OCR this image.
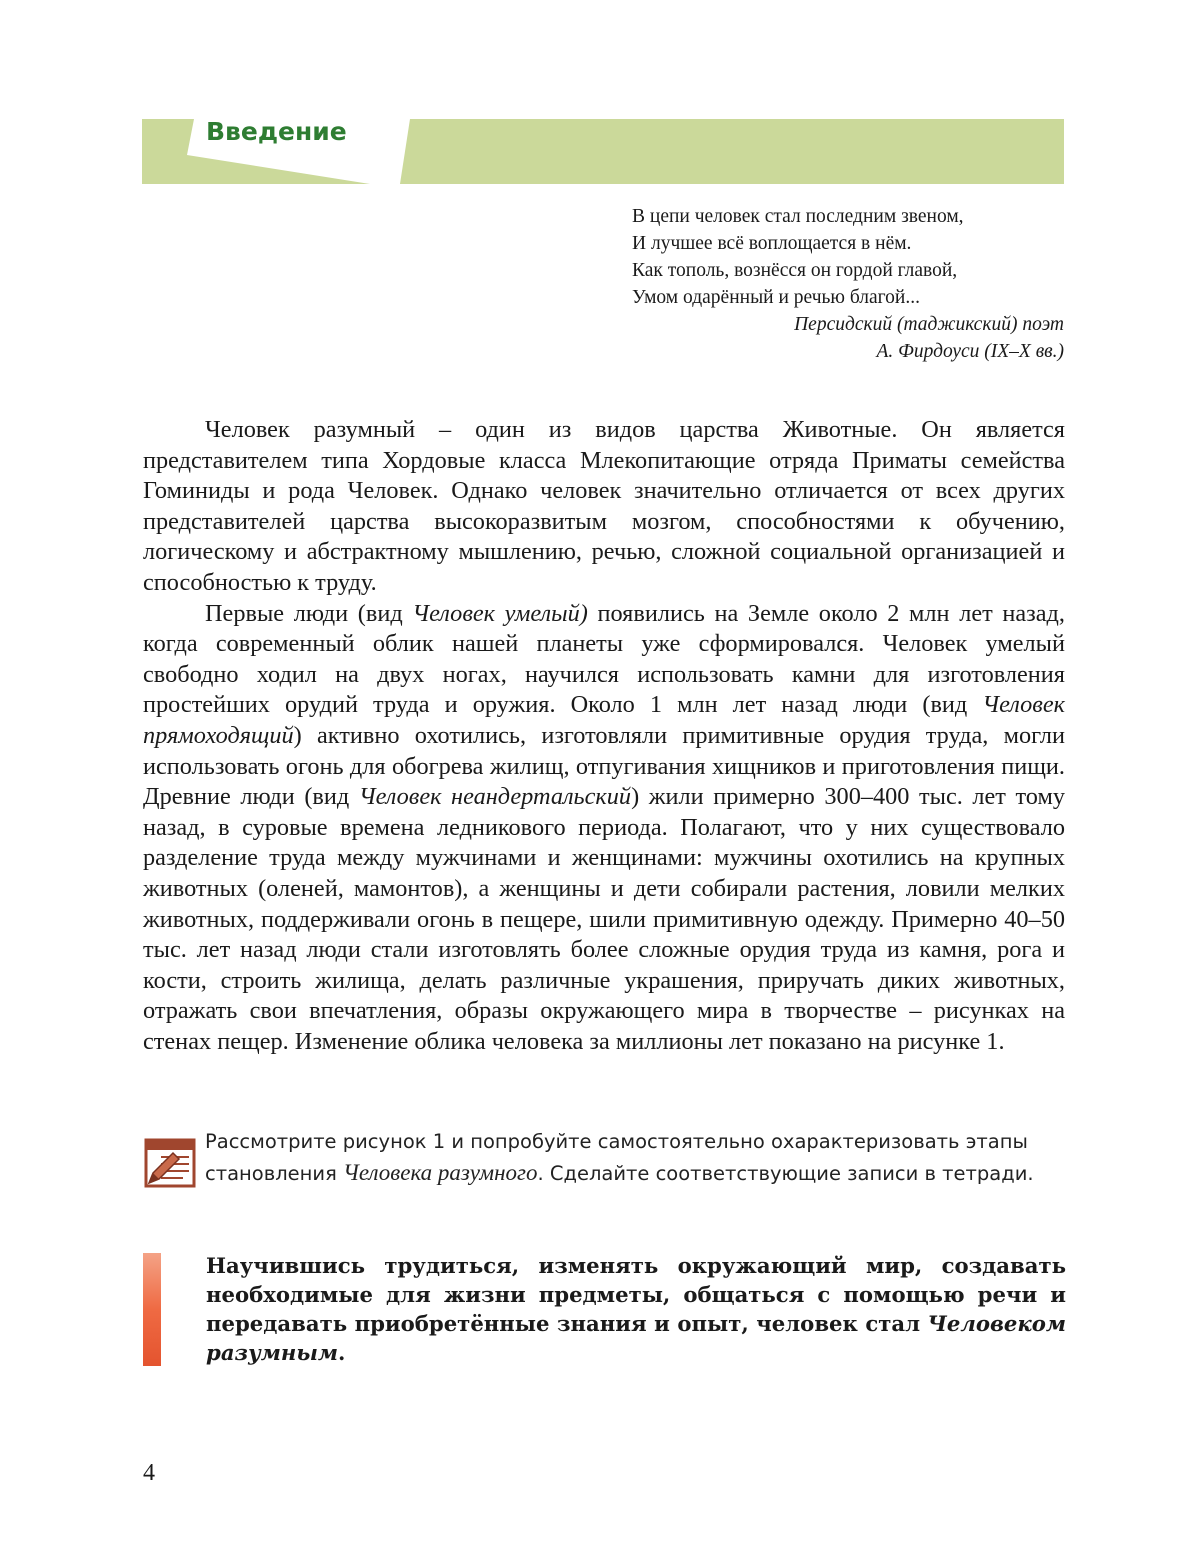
Введение
В цепи человек стал последним звеном,
И лучшее всё воплощается в нём.
Как тополь, вознёсся он гордой главой,
Умом одарённый и речью благой...
Персидский (таджикский) поэт
А. Фирдоуси (IX–X вв.)

Человек разумный – один из видов царства Животные. Он является представителем типа Хордовые класса Млекопитающие отряда Приматы семейства Гоминиды и рода Человек. Однако человек значительно отличается от всех других представителей царства высокоразвитым мозгом, способностями к обучению, логическому и абстрактному мышлению, речью, сложной социальной организацией и способностью к труду.

Первые люди (вид Человек умелый) появились на Земле около 2 млн лет назад, когда современный облик нашей планеты уже сформировался. Человек умелый свободно ходил на двух ногах, научился использовать камни для изготовления простейших орудий труда и оружия. Около 1 млн лет назад люди (вид Человек прямоходящий) активно охотились, изготовляли примитивные орудия труда, могли использовать огонь для обогрева жилищ, отпугивания хищников и приготовления пищи. Древние люди (вид Человек неандертальский) жили примерно 300–400 тыс. лет тому назад, в суровые времена ледникового периода. Полагают, что у них существовало разделение труда между мужчинами и женщинами: мужчины охотились на крупных животных (оленей, мамонтов), а женщины и дети собирали растения, ловили мелких животных, поддерживали огонь в пещере, шили примитивную одежду. Примерно 40–50 тыс. лет назад люди стали изготовлять более сложные орудия труда из камня, рога и кости, строить жилища, делать различные украшения, приручать диких животных, отражать свои впечатления, образы окружающего мира в творчестве – рисунках на стенах пещер. Изменение облика человека за миллионы лет показано на рисунке 1.

Рассмотрите рисунок 1 и попробуйте самостоятельно охарактеризовать этапы становления Человека разумного. Сделайте соответствующие записи в тетради.
Научившись трудиться, изменять окружающий мир, создавать необходимые для жизни предметы, общаться с помощью речи и передавать приобретённые знания и опыт, человек стал Человеком разумным.
4
